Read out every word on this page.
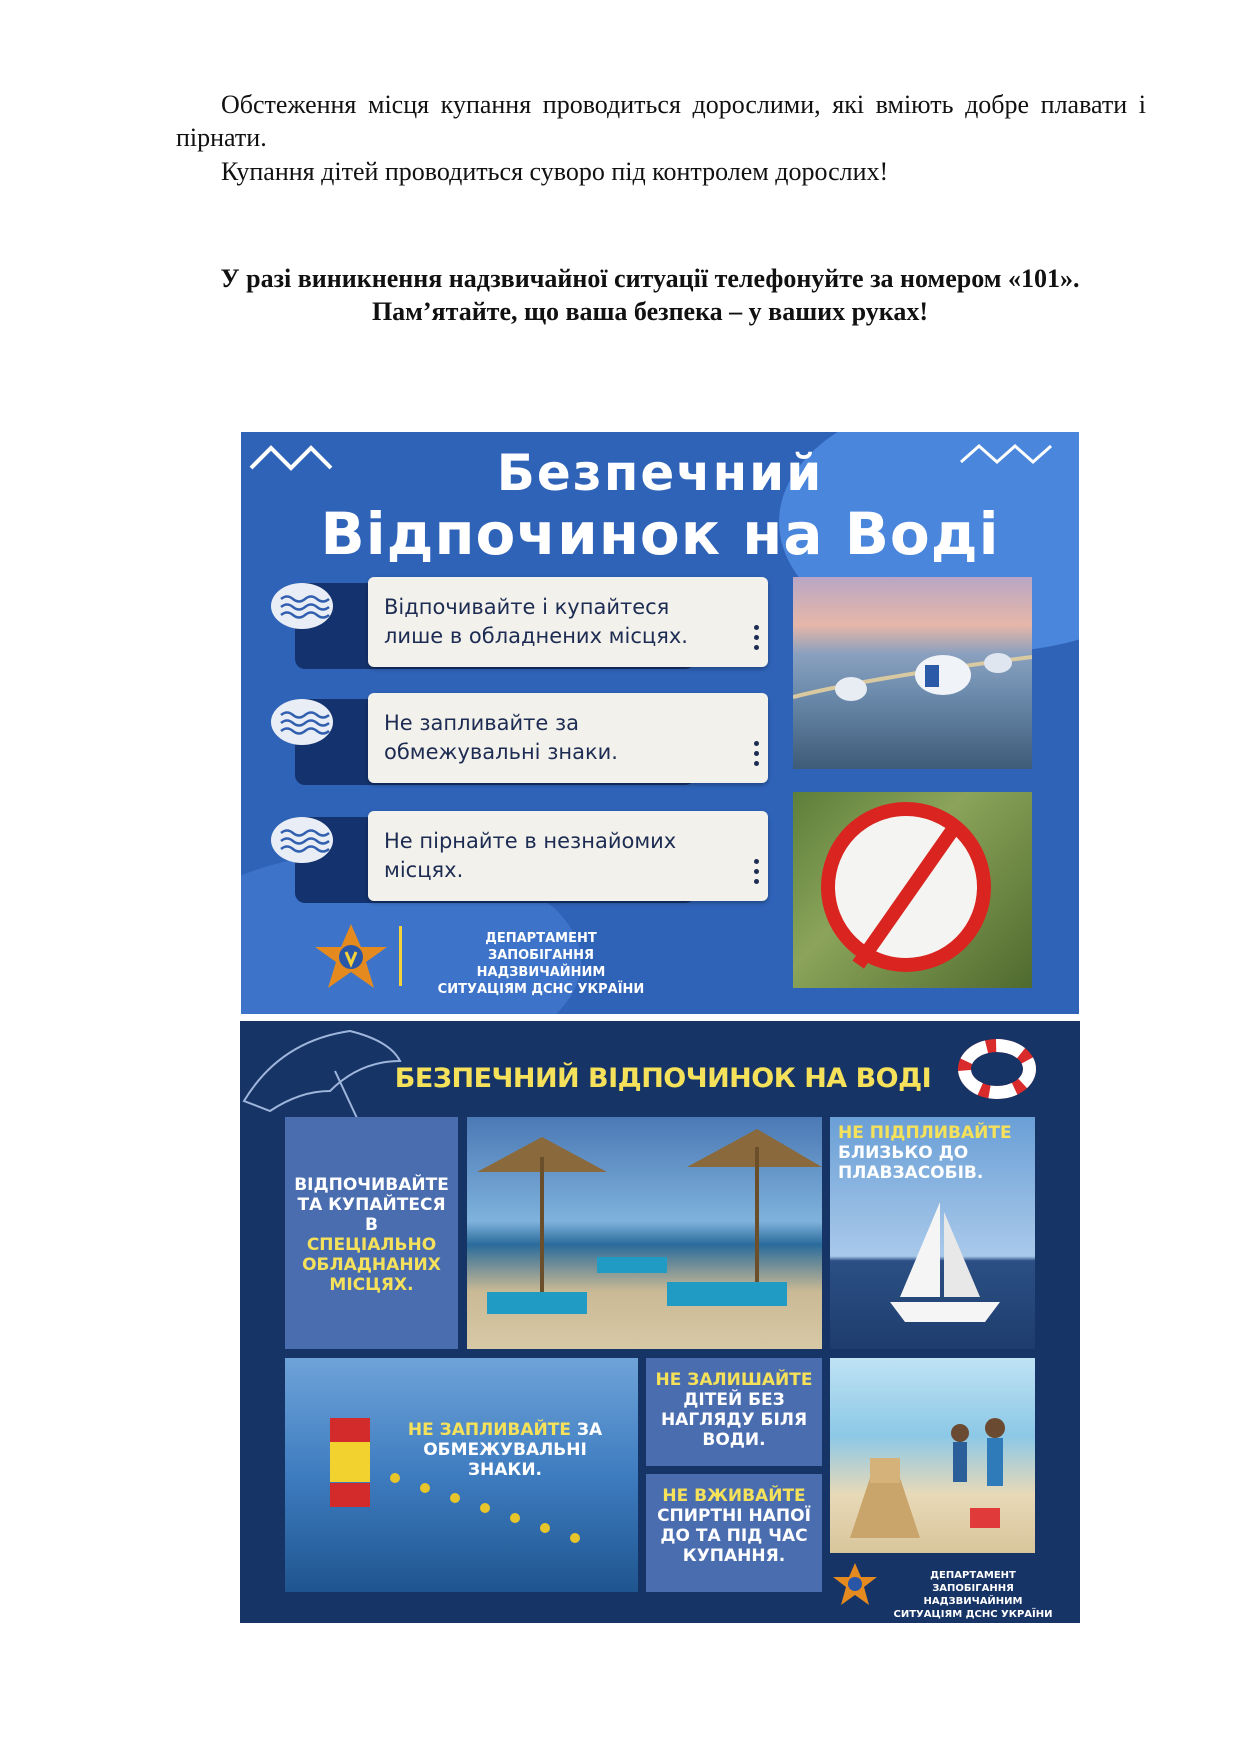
Обстеження місця купання проводиться дорослими, які вміють добре плавати і пірнати.
Купання дітей проводиться суворо під контролем дорослих!
У разі виникнення надзвичайної ситуації телефонуйте за номером «101».
Пам’ятайте, що ваша безпека – у ваших руках!
Безпечний
Відпочинок на Воді
Відпочивайте і купайтеся лише в обладнених місцях.
Не запливайте за обмежувальні знаки.
Не пірнайте в незнайомих місцях.
ДЕПАРТАМЕНТ ЗАПОБІГАННЯ
НАДЗВИЧАЙНИМ
СИТУАЦІЯМ ДСНС УКРАЇНИ
БЕЗПЕЧНИЙ ВІДПОЧИНОК НА ВОДІ
ВІДПОЧИВАЙТЕ ТА КУПАЙТЕСЯ В
СПЕЦІАЛЬНО ОБЛАДНАНИХ МІСЦЯХ.
НЕ ПІДПЛИВАЙТЕ
БЛИЗЬКО ДО ПЛАВЗАСОБІВ.
НЕ ЗАПЛИВАЙТЕ ЗА
ОБМЕЖУВАЛЬНІ ЗНАКИ.
НЕ ЗАЛИШАЙТЕ
ДІТЕЙ БЕЗ НАГЛЯДУ БІЛЯ ВОДИ.
НЕ ВЖИВАЙТЕ
СПИРТНІ НАПОЇ ДО ТА ПІД ЧАС КУПАННЯ.
ДЕПАРТАМЕНТ ЗАПОБІГАННЯ
НАДЗВИЧАЙНИМ
СИТУАЦІЯМ ДСНС УКРАЇНИ
